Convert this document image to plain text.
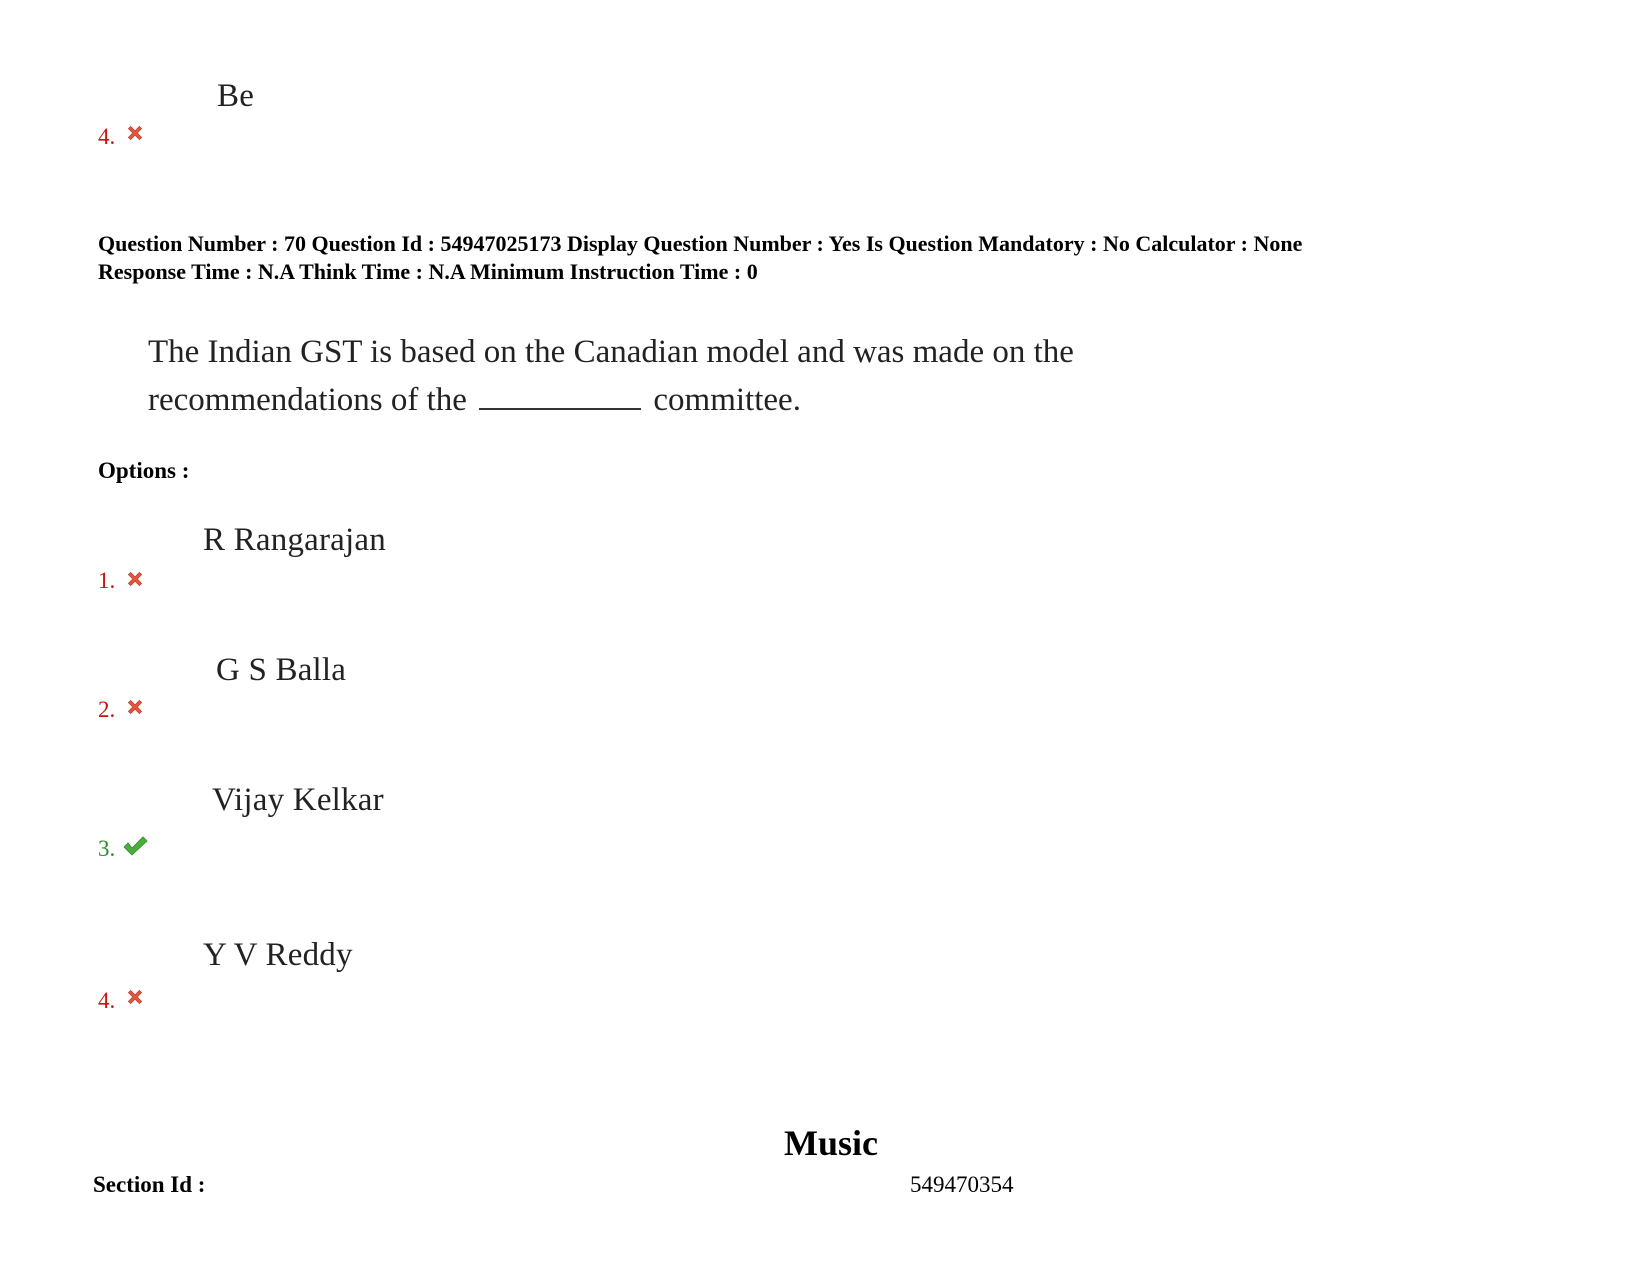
Be
4.
Question Number : 70 Question Id : 54947025173 Display Question Number : Yes Is Question Mandatory : No Calculator : None
Response Time : N.A Think Time : N.A Minimum Instruction Time : 0
The Indian GST is based on the Canadian model and was made on the
recommendations of the	committee.
Options :
R Rangarajan
1.
G S Balla
2.
Vijay Kelkar
3.
Y V Reddy
4.
Music
Section Id :	549470354
